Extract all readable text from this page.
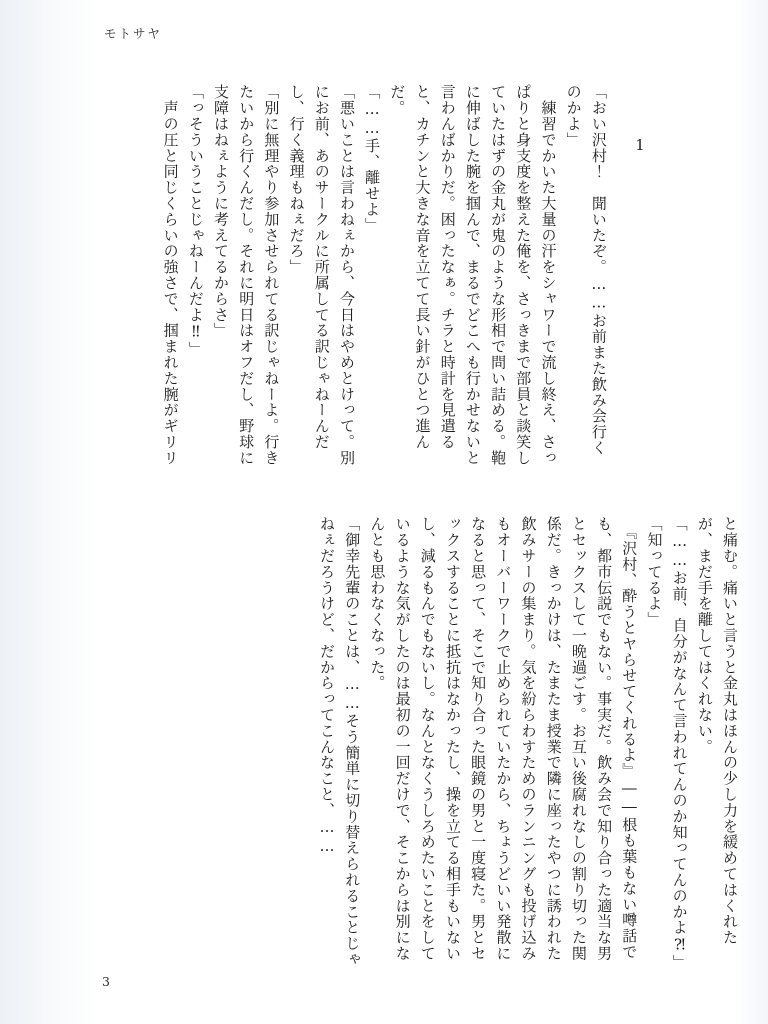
モトサヤ
1

「おい沢村！　聞いたぞ。……お前また飲み会行くのかよ」

　練習でかいた大量の汗をシャワーで流し終え、さっぱりと身支度を整えた俺を、さっきまで部員と談笑していたはずの金丸が鬼のような形相で問い詰める。鞄に伸ばした腕を掴んで、まるでどこへも行かせないと言わんばかりだ。困ったなぁ。チラと時計を見遣ると、カチンと大きな音を立てて長い針がひとつ進んだ。

「……手、離せよ」

「悪いことは言わねぇから、今日はやめとけって。別にお前、あのサークルに所属してる訳じゃねーんだし、行く義理もねぇだろ」

「別に無理やり参加させられてる訳じゃねーよ。行きたいから行くんだし。それに明日はオフだし、野球に支障はねぇように考えてるからさ」

「っそういうことじゃねーんだよ‼」

　声の圧と同じくらいの強さで、掴まれた腕がギリリ

と痛む。痛いと言うと金丸はほんの少し力を緩めてはくれたが、まだ手を離してはくれない。

「……お前、自分がなんて言われてんのか知ってんのかよ⁈」

「知ってるよ」

　『沢村、酔うとヤらせてくれるよ』――根も葉もない噂話でも、都市伝説でもない。事実だ。飲み会で知り合った適当な男とセックスして一晩過ごす。お互い後腐れなしの割り切った関係だ。きっかけは、たまたま授業で隣に座ったやつに誘われた飲みサーの集まり。気を紛らわすためのランニングも投げ込みもオーバーワークで止められていたから、ちょうどいい発散になると思って、そこで知り合った眼鏡の男と一度寝た。男とセックスすることに抵抗はなかったし、操を立てる相手もいないし、減るもんでもないし。なんとなくうしろめたいことをしているような気がしたのは最初の一回だけで、そこからは別になんとも思わなくなった。

「御幸先輩のことは、……そう簡単に切り替えられることじゃねぇだろうけど、だからってこんなこと、……

3
